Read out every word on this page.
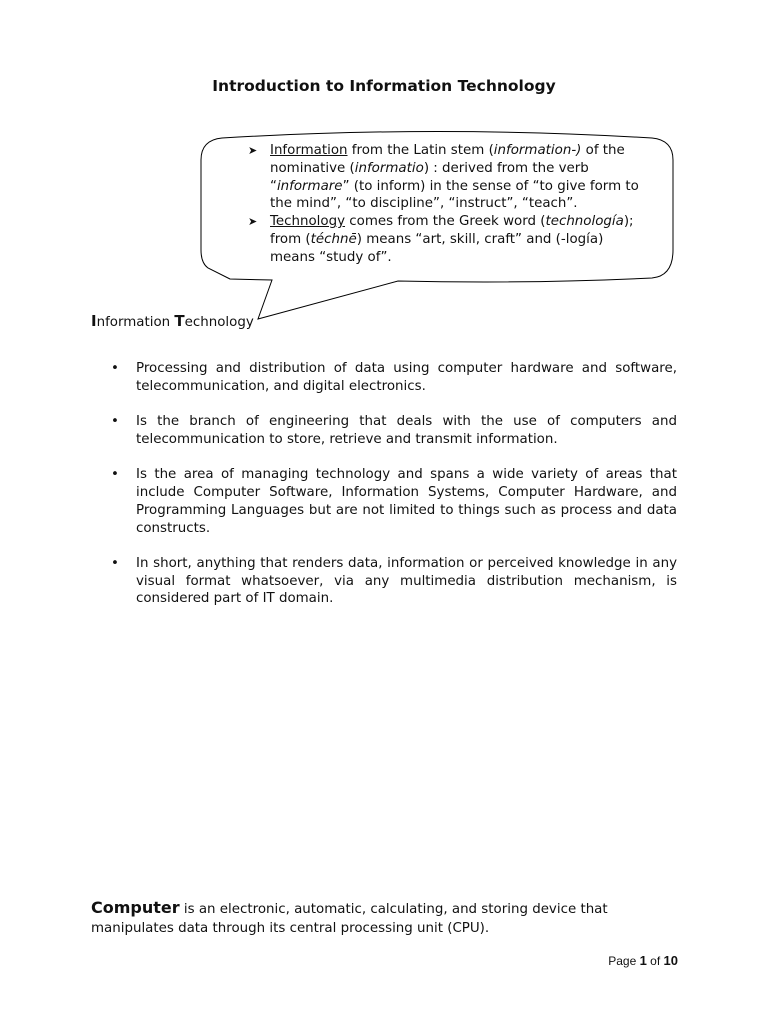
Introduction to Information Technology
➤ Information from the Latin stem (information-) of the nominative (informatio) : derived from the verb “informare” (to inform) in the sense of “to give form to the mind”, “to discipline”, “instruct”, “teach”.
➤ Technology comes from the Greek word (technología); from (téchnē) means “art, skill, craft” and (-logía) means “study of”.
Information Technology
• Processing and distribution of data using computer hardware and software, telecommunication, and digital electronics.
• Is the branch of engineering that deals with the use of computers and telecommunication to store, retrieve and transmit information.
• Is the area of managing technology and spans a wide variety of areas that include Computer Software, Information Systems, Computer Hardware, and Programming Languages but are not limited to things such as process and data constructs.
• In short, anything that renders data, information or perceived knowledge in any visual format whatsoever, via any multimedia distribution mechanism, is considered part of IT domain.
Computer is an electronic, automatic, calculating, and storing device that manipulates data through its central processing unit (CPU).
Page 1 of 10
